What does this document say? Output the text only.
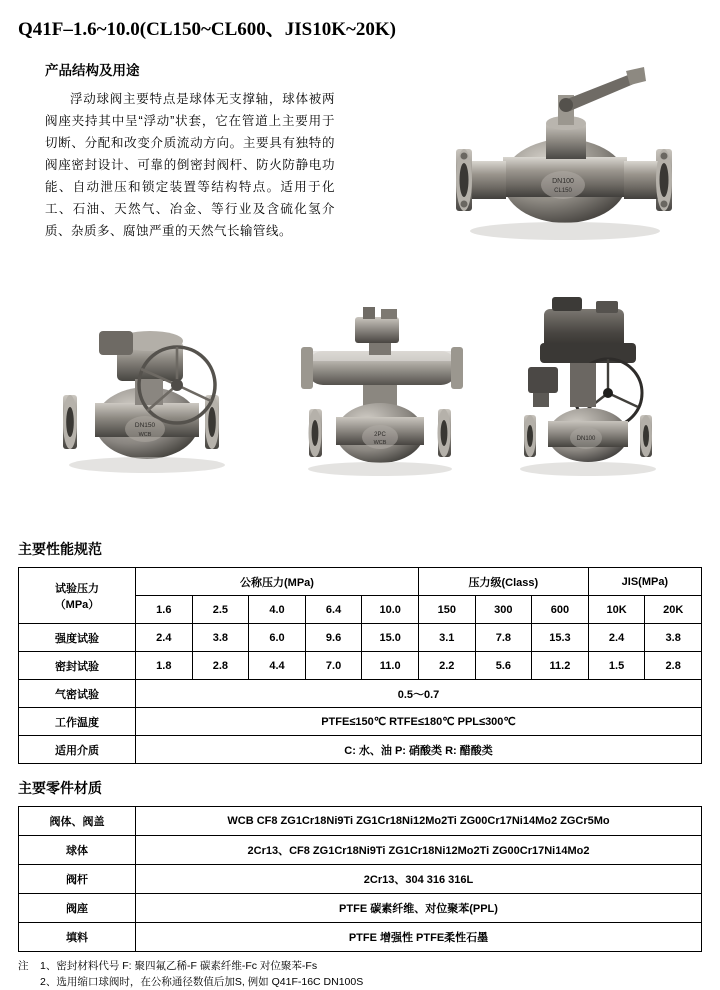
Q41F–1.6~10.0(CL150~CL600、JIS10K~20K)
产品结构及用途
浮动球阀主要特点是球体无支撑轴，球体被两阀座夹持其中呈“浮动”状套，它在管道上主要用于切断、分配和改变介质流动方向。主要具有独特的阀座密封设计、可靠的倒密封阀杆、防火防静电功能、自动泄压和锁定装置等结构特点。适用于化工、石油、天然气、冶金、等行业及含硫化氢介质、杂质多、腐蚀严重的天然气长输管线。
DN100
CL150
DN150
WCB	2PC
WCB
DN100
主要性能规范
试验压力
（MPa）	公称压力(MPa)					压力级(Class)			JIS(MPa)	
	1.6	2.5	4.0	6.4	10.0	150	300	600	10K	20K
强度试验	2.4	3.8	6.0	9.6	15.0	3.1	7.8	15.3	2.4	3.8
密封试验	1.8	2.8	4.4	7.0	11.0	2.2	5.6	11.2	1.5	2.8
气密试验	0.5～0.7									
工作温度	PTFE≤150℃ RTFE≤180℃ PPL≤300℃									
适用介质	C: 水、油 P: 硝酸类 R: 醋酸类									
主要零件材质
阀体、阀盖	WCB CF8 ZG1Cr18Ni9Ti ZG1Cr18Ni12Mo2Ti ZG00Cr17Ni14Mo2 ZGCr5Mo
球体	2Cr13、CF8 ZG1Cr18Ni9Ti ZG1Cr18Ni12Mo2Ti ZG00Cr17Ni14Mo2
阀杆	2Cr13、304 316 316L
阀座	PTFE 碳素纤维、对位聚苯(PPL)
填料	PTFE 增强性 PTFE柔性石墨
注	1、密封材料代号 F: 聚四氟乙稀-F 碳素纤维-Fc 对位聚苯-Fs
2、选用缩口球阀时，在公称通径数值后加S, 例如 Q41F-16C DN100S
